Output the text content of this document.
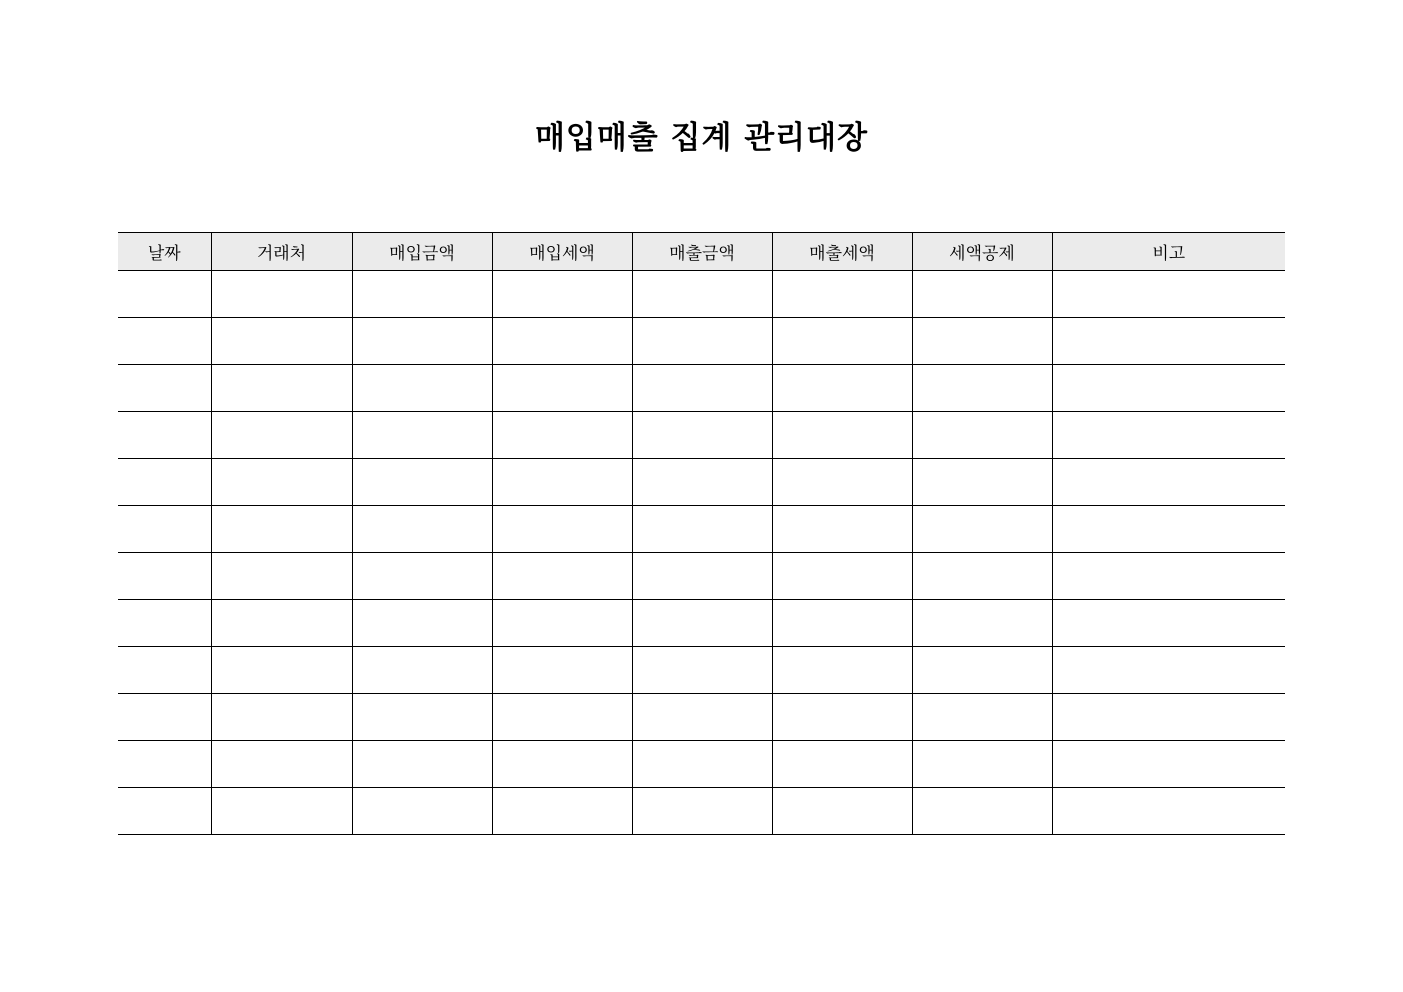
매입매출 집계 관리대장
날짜	거래처	매입금액	매입세액	매출금액	매출세액	세액공제	비고
